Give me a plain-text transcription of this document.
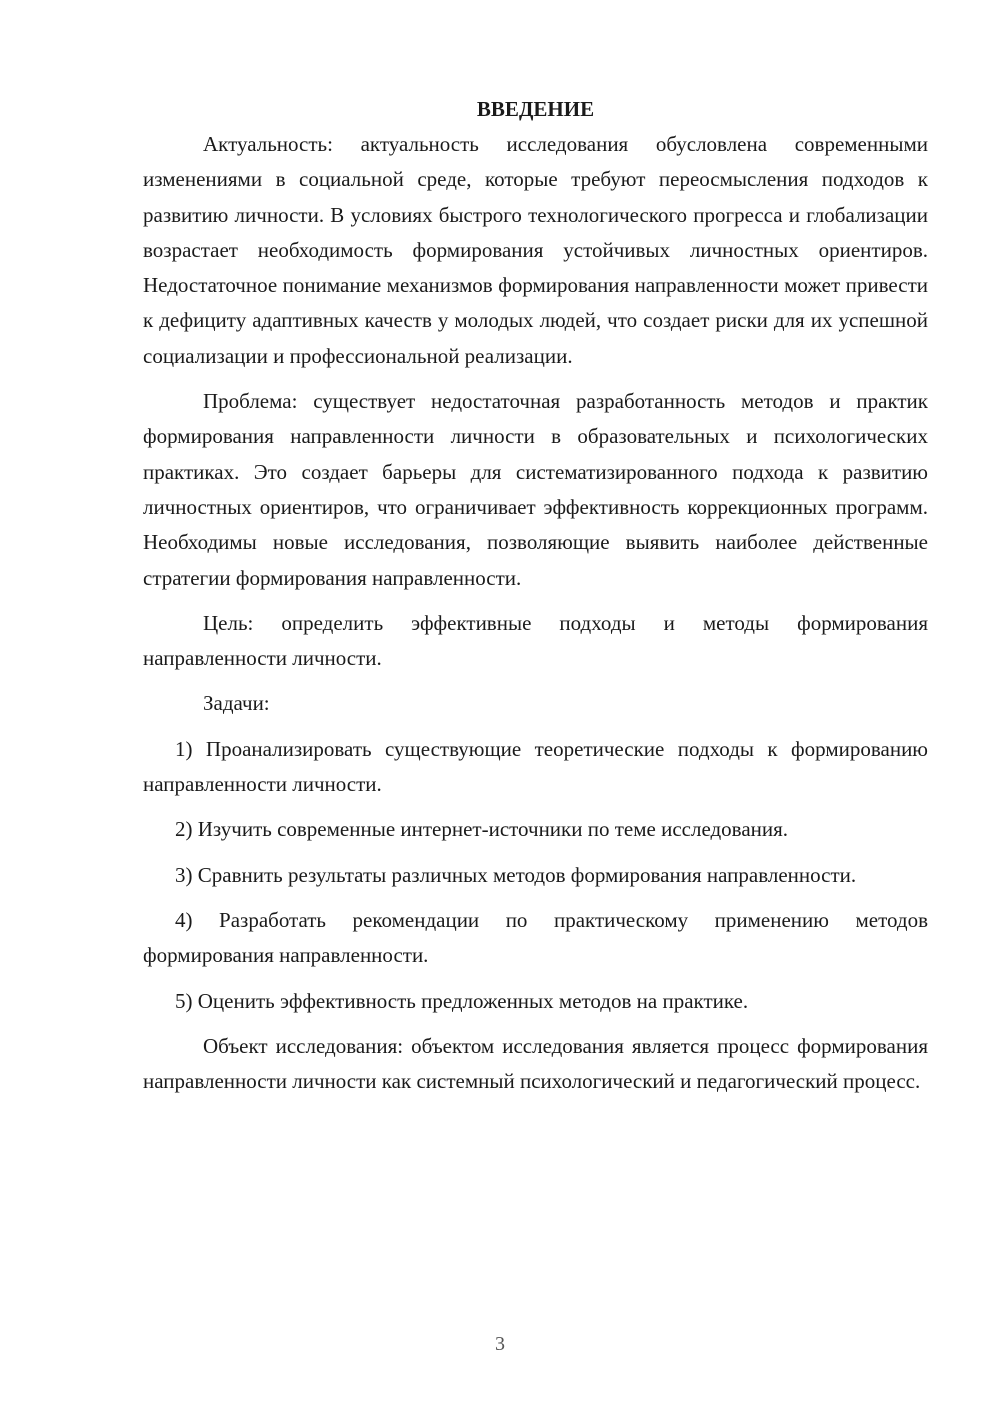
ВВЕДЕНИЕ

Актуальность: актуальность исследования обусловлена современными изменениями в социальной среде, которые требуют переосмысления подходов к развитию личности. В условиях быстрого технологического прогресса и глобализации возрастает необходимость формирования устойчивых личностных ориентиров. Недостаточное понимание механизмов формирования направленности может привести к дефициту адаптивных качеств у молодых людей, что создает риски для их успешной социализации и профессиональной реализации.

Проблема: существует недостаточная разработанность методов и практик формирования направленности личности в образовательных и психологических практиках. Это создает барьеры для систематизированного подхода к развитию личностных ориентиров, что ограничивает эффективность коррекционных программ. Необходимы новые исследования, позволяющие выявить наиболее действенные стратегии формирования направленности.

Цель: определить эффективные подходы и методы формирования направленности личности.

Задачи:

1) Проанализировать существующие теоретические подходы к формированию направленности личности.

2) Изучить современные интернет-источники по теме исследования.

3) Сравнить результаты различных методов формирования направленности.

4) Разработать рекомендации по практическому применению методов формирования направленности.

5) Оценить эффективность предложенных методов на практике.

Объект исследования: объектом исследования является процесс формирования направленности личности как системный психологический и педагогический процесс.

3
